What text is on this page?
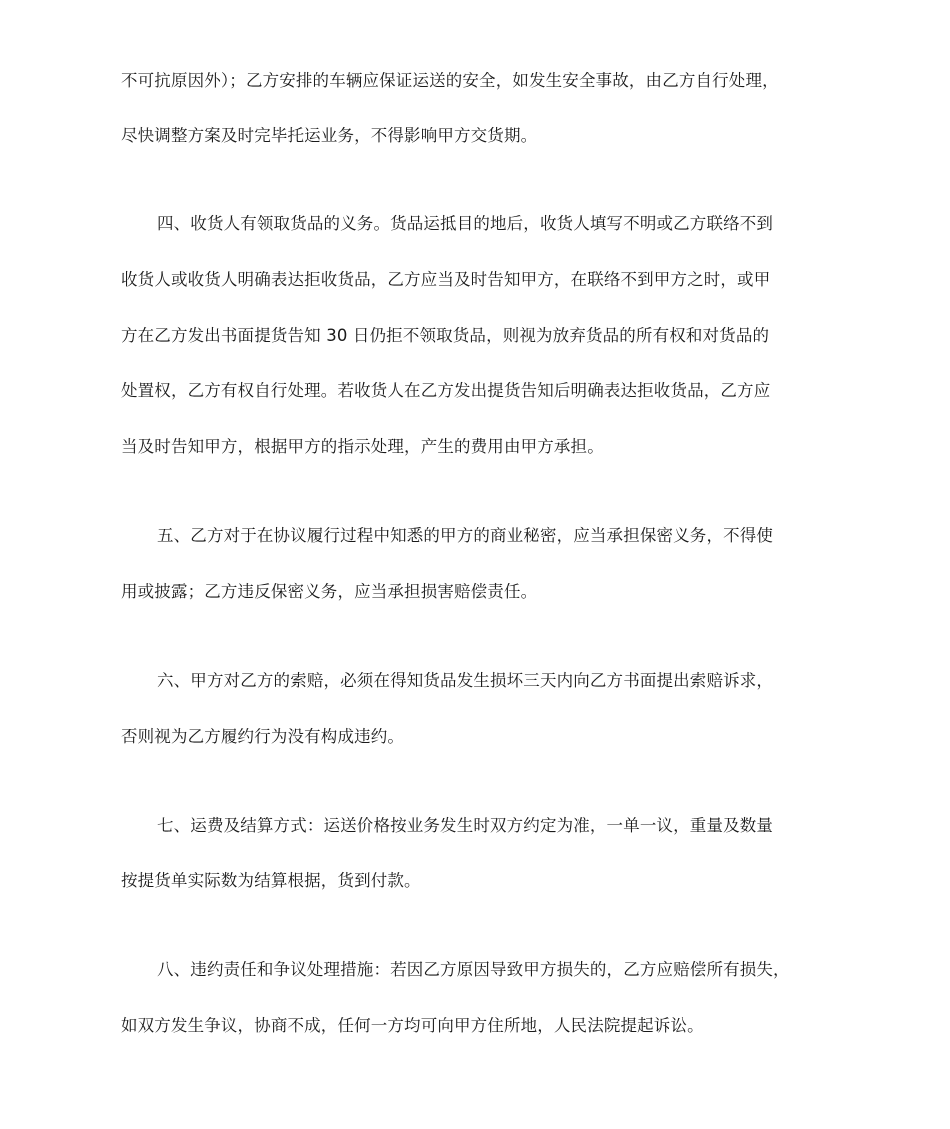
不可抗原因外）；乙方安排的车辆应保证运送的安全，如发生安全事故，由乙方自行处理，
尽快调整方案及时完毕托运业务，不得影响甲方交货期。
四、收货人有领取货品的义务。货品运抵目的地后，收货人填写不明或乙方联络不到
收货人或收货人明确表达拒收货品，乙方应当及时告知甲方，在联络不到甲方之时，或甲
方在乙方发出书面提货告知 30 日仍拒不领取货品，则视为放弃货品的所有权和对货品的
处置权，乙方有权自行处理。若收货人在乙方发出提货告知后明确表达拒收货品，乙方应
当及时告知甲方，根据甲方的指示处理，产生的费用由甲方承担。
五、乙方对于在协议履行过程中知悉的甲方的商业秘密，应当承担保密义务，不得使
用或披露；乙方违反保密义务，应当承担损害赔偿责任。
六、甲方对乙方的索赔，必须在得知货品发生损坏三天内向乙方书面提出索赔诉求，
否则视为乙方履约行为没有构成违约。
七、运费及结算方式：运送价格按业务发生时双方约定为准，一单一议，重量及数量
按提货单实际数为结算根据，货到付款。
八、违约责任和争议处理措施：若因乙方原因导致甲方损失的，乙方应赔偿所有损失，
如双方发生争议，协商不成，任何一方均可向甲方住所地，人民法院提起诉讼。
